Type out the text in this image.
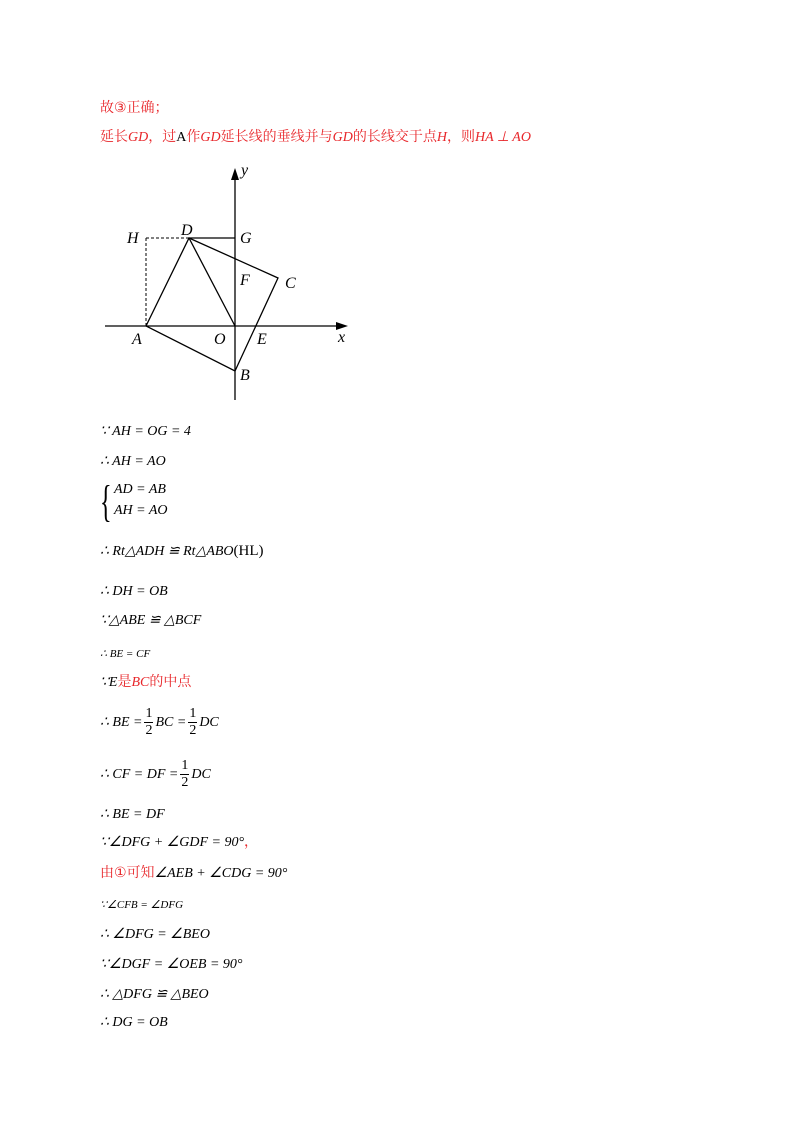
故③正确；
延长GD，过A作GD延长线的垂线并与GD的长线交于点H，则HA ⊥ AO
y
x
H	D	G
F C
A	O E
B
∵ AH = OG = 4
∴ AH = AO
{ AD = AB
AH = AO
∴ Rt△ADH ≌ Rt△ABO(HL)
∴ DH = OB
∵△ABE ≌ △BCF
∴ BE = CF
∵E是BC的中点
∴ BE = $\frac{1}{2}$ BC = $\frac{1}{2}$ DC
∴ CF = DF = $\frac{1}{2}$ DC
∴ BE = DF
∵∠DFG + ∠GDF = 90°，
由①可知∠AEB + ∠CDG = 90°
∵∠CFB = ∠DFG
∴ ∠DFG = ∠BEO
∵∠DGF = ∠OEB = 90°
∴ △DFG ≌ △BEO
∴ DG = OB
